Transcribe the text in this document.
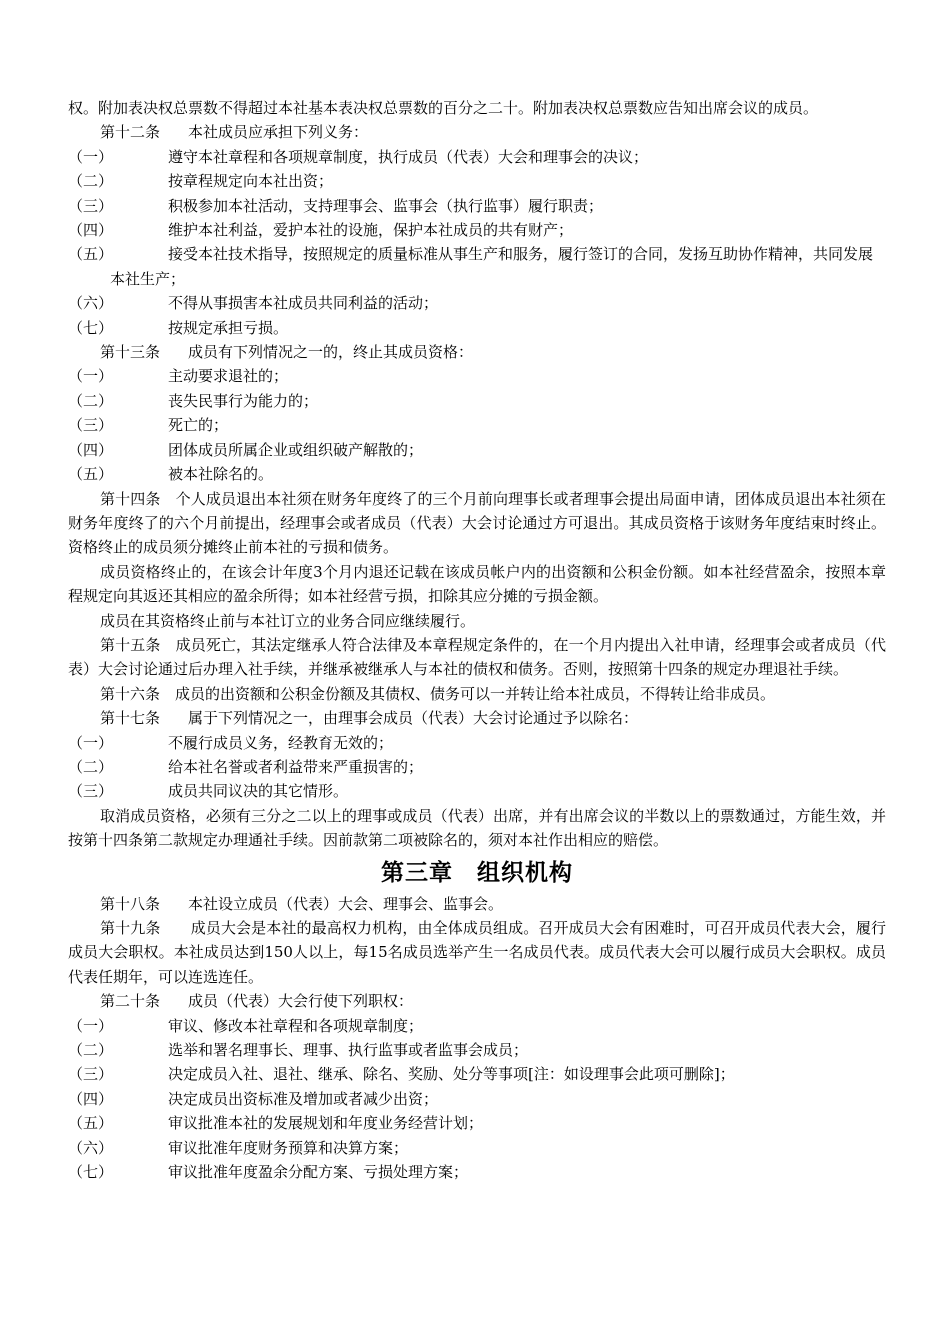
权。附加表决权总票数不得超过本社基本表决权总票数的百分之二十。附加表决权总票数应告知出席会议的成员。

第十二条 本社成员应承担下列义务：

（一）	遵守本社章程和各项规章制度，执行成员（代表）大会和理事会的决议；

（二）	按章程规定向本社出资；

（三）	积极参加本社活动，支持理事会、监事会（执行监事）履行职责；

（四）	维护本社利益，爱护本社的设施，保护本社成员的共有财产；

（五）	接受本社技术指导，按照规定的质量标准从事生产和服务，履行签订的合同，发扬互助协作精神，共同发展本社生产；

（六）	不得从事损害本社成员共同利益的活动；

（七）	按规定承担亏损。

第十三条 成员有下列情况之一的，终止其成员资格：

（一）	主动要求退社的；

（二）	丧失民事行为能力的；

（三）	死亡的；

（四）	团体成员所属企业或组织破产解散的；

（五）	被本社除名的。

第十四条　个人成员退出本社须在财务年度终了的三个月前向理事长或者理事会提出局面申请，团体成员退出本社须在财务年度终了的六个月前提出，经理事会或者成员（代表）大会讨论通过方可退出。其成员资格于该财务年度结束时终止。资格终止的成员须分摊终止前本社的亏损和债务。

成员资格终止的，在该会计年度3个月内退还记载在该成员帐户内的出资额和公积金份额。如本社经营盈余，按照本章程规定向其返还其相应的盈余所得；如本社经营亏损，扣除其应分摊的亏损金额。

成员在其资格终止前与本社订立的业务合同应继续履行。

第十五条　成员死亡，其法定继承人符合法律及本章程规定条件的，在一个月内提出入社申请，经理事会或者成员（代表）大会讨论通过后办理入社手续，并继承被继承人与本社的债权和债务。否则，按照第十四条的规定办理退社手续。

第十六条　成员的出资额和公积金份额及其债权、债务可以一并转让给本社成员，不得转让给非成员。

第十七条 属于下列情况之一，由理事会成员（代表）大会讨论通过予以除名：

（一）	不履行成员义务，经教育无效的；

（二）	给本社名誉或者利益带来严重损害的；

（三）	成员共同议决的其它情形。

取消成员资格，必须有三分之二以上的理事或成员（代表）出席，并有出席会议的半数以上的票数通过，方能生效，并按第十四条第二款规定办理通社手续。因前款第二项被除名的，须对本社作出相应的赔偿。

第三章　组织机构

第十八条 本社设立成员（代表）大会、理事会、监事会。

第十九条　　成员大会是本社的最高权力机构，由全体成员组成。召开成员大会有困难时，可召开成员代表大会，履行成员大会职权。本社成员达到150人以上，每15名成员选举产生一名成员代表。成员代表大会可以履行成员大会职权。成员代表任期年，可以连选连任。

第二十条 成员（代表）大会行使下列职权：

（一）	审议、修改本社章程和各项规章制度；

（二）	选举和署名理事长、理事、执行监事或者监事会成员；

（三）	决定成员入社、退社、继承、除名、奖励、处分等事项[注：如设理事会此项可删除]；

（四）	决定成员出资标准及增加或者减少出资；

（五）	审议批准本社的发展规划和年度业务经营计划；

（六）	审议批准年度财务预算和决算方案；

（七）	审议批准年度盈余分配方案、亏损处理方案；
